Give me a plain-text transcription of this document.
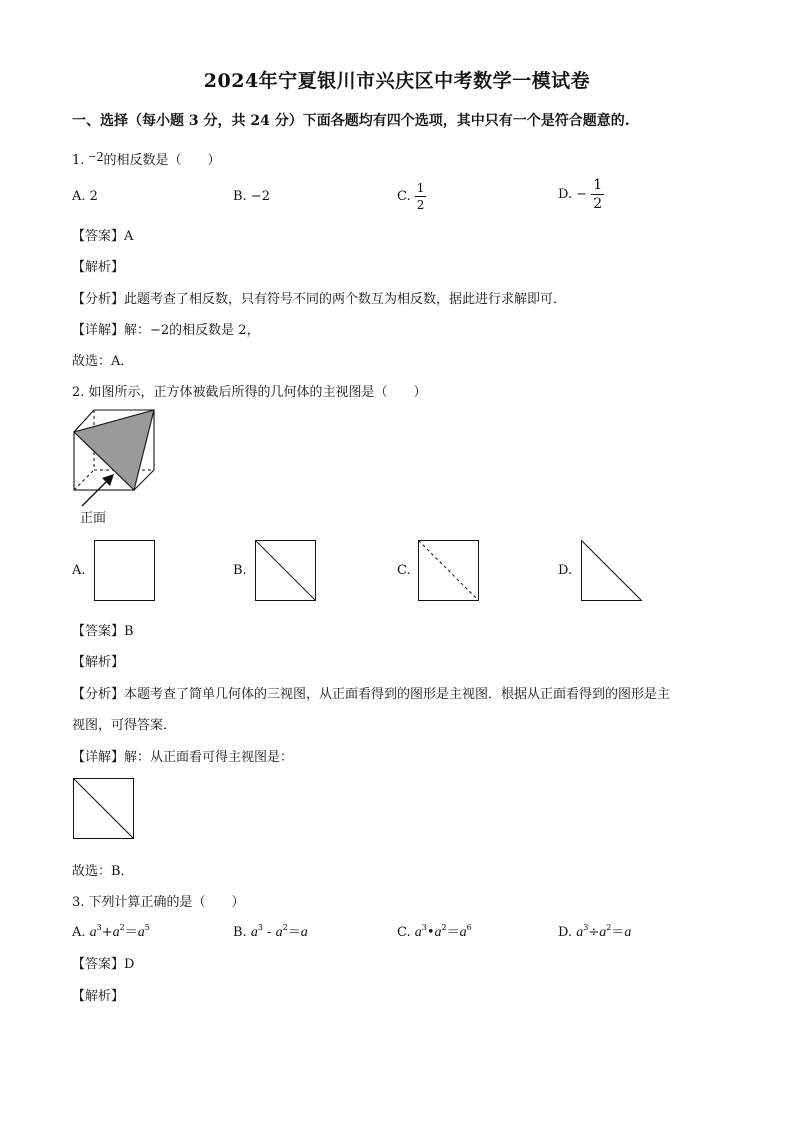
2024年宁夏银川市兴庆区中考数学一模试卷
一、选择（每小题 3 分，共 24 分）下面各题均有四个选项，其中只有一个是符合题意的.
1. −2的相反数是（　　）
A. 2	B. −2	C. $\frac{1}{2}$	D. − $\frac{1}{2}$
【答案】A
【解析】
【分析】此题考查了相反数，只有符号不同的两个数互为相反数，据此进行求解即可．
【详解】解：−2的相反数是 2，
故选：A．
2. 如图所示，正方体被截后所得的几何体的主视图是（　　）
正面
A.	B.	C.	D.
【答案】B
【解析】
【分析】本题考查了简单几何体的三视图，从正面看得到的图形是主视图．根据从正面看得到的图形是主
视图，可得答案．
【详解】解：从正面看可得主视图是：
故选：B．
3. 下列计算正确的是（　　）
A. $a^3+a^2=a^5$	B. $a^3 - a^2=a$	C. $a^3•a^2=a^6$	D. $a^3\div a^2=a$
【答案】D
【解析】
